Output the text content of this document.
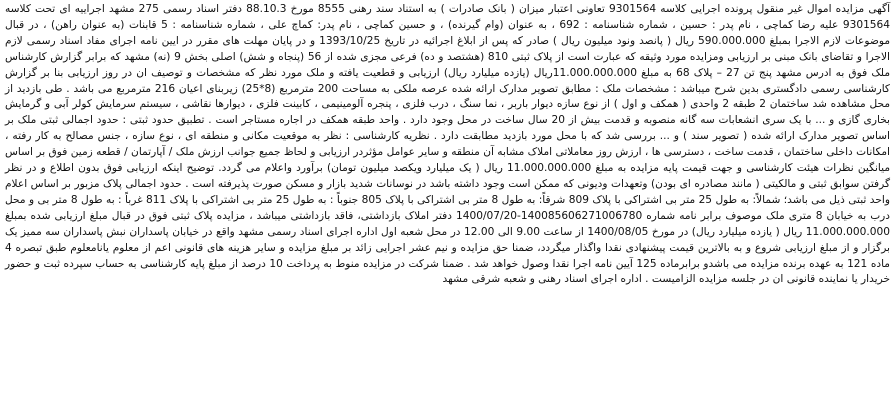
آگهی مزایده اموال غیر منقول پرونده اجرایی کلاسه 9301564 تعاونی اعتبار میزان ( بانک صادرات ) به استناد سند رهنی 8555 مورخ 88.10.3 دفتر اسناد رسمی 275 مشهد اجرایيه ای تحت کلاسه 9301564 علیه رضا کماچی ، نام پدر : حسین ، شماره شناسنامه : 692 ، به عنوان (وام گیرنده) ، و حسین کماچی ، نام پدر: کماچ علی ، شماره شناسنامه : 5 قابنات (به عنوان راهن) ، در قبال موضوعات لازم الاجرا بمبلغ 590.000.000 ریال ( پانصد ونود میلیون ریال ) صادر که پس از ابلاغ اجرائیه در تاریخ 1393/10/25 و در پایان مهلت های مقرر در ایین نامه اجرای مفاد اسناد رسمی لازم الاجرا و تقاضای بانک مبنی بر ارزیابی ومزایده مورد وثیقه که عبارت است از پلاک ثبتی 810 (هشتصد و ده) فرعی مجزی شده از 56 (پنجاه و شش) اصلی بخش 9 (نه) مشهد که برابر گزارش کارشناس ملک فوق به ادرس مشهد پنج تن 27 – پلاک 68 به مبلغ 11.000.000.000ریال (یازده میلیارد ریال) ارزیابی و قطعیت یافته و ملک مورد نظر که مشخصات و توصیف ان در روز ارزیابی بنا بر گزارش کارشناسی رسمی دادگستری بدین شرح میباشد : مشخصات ملک : مطابق تصویر مدارک ارائه شده عرصه ملکی به مساحت 200 مترمربع (8*25) زیربنای اعیان 216 مترمربع می باشد . طی بازدید از محل مشاهده شد ساختمان 2 طبقه 2 واحدی ( همکف و اول ) از نوع سازه دیوار باربر ، نما سنگ ، درب فلزی ، پنجره آلومینیمی ، کابینت فلزی ، دیوارها نقاشی ، سیستم سرمایش کولر آبی و گرمایش بخاری گازی و ... با یک سری انشعابات سه گانه منصوبه و قدمت بیش از 20 سال ساخت در محل وجود دارد . واحد طبقه همکف در اجاره مستاجر است . تطبیق حدود ثبتی : حدود اجمالی ثبتی ملک بر اساس تصویر مدارک ارائه شده ( تصویر سند ) و ... بررسی شد که با محل مورد بازدید مطابقت دارد . نظریه کارشناسی : نظر به موقعیت مکانی و منطقه ای ، نوع سازه ، جنس مصالح به کار رفته ، امکانات داخلی ساختمان ، قدمت ساخت ، دسترسی ها ، ارزش روز معاملاتی املاک مشابه آن منطقه و سایر عوامل مؤثردر ارزیابی و لحاظ جمیع جوانب ارزش ملک / آپارتمان / قطعه زمین فوق بر اساس میانگین نظرات هیئت کارشناسی و جهت قیمت پایه مزایده به مبلغ 11.000.000.000 ریال ( یک میلیارد ویکصد میلیون تومان) برآورد واعلام می گردد. توضیح اینکه ارزیابی فوق بدون اطلاع و در نظر گرفتن سوابق ثبتی و مالکیتی ( مانند مصادره ای بودن) وتعهدات ودیونی که ممکن است وجود داشته باشد در نوسانات شدید بازار و مسکن صورت پذیرفته است . حدود اجمالی پلاک مزبور بر اساس اعلام واحد ثبتی ذیل می باشد؛ شمالاً: به طول 25 متر بی اشتراکی با پلاک 809 شرقاً: به طول 8 متر بی اشتراکی با پلاک 805 جنوباً : به طول 25 متر بی اشتراکی با پلاک 811 غرباً : به طول 8 متر بی و محل درب به خیابان 8 متری ملک موصوف برابر نامه شماره 140085606271006780-1400/07/20 دفتر املاک بازداشتی، فاقد بازداشتی میباشد ، مزایده پلاک ثبتی فوق در قبال مبلغ ارزیابی شده بمبلغ 11.000.000.000 ریال ( یازده میلیارد ریال) در مورخ 1400/08/05 از ساعت 9.00 الی 12.00 در محل شعبه اول اداره اجرای اسناد رسمی مشهد واقع در خیابان پاسداران نبش پاسداران سه ممیز یک برگزار و از مبلغ ارزیابی شروع و به بالاترین قیمت پیشنهادی نقدا واگذار میگردد، ضمنا حق مزایده و نیم عشر اجرایی زائد بر مبلغ مزایده و سایر هزینه های قانونی اعم از معلوم یانامعلوم طبق تبصره 4 ماده 121 به عهده برنده مزایده می باشدو برابرماده 125 آیین نامه اجرا نقدا وصول خواهد شد . ضمنا شرکت در مزایده منوط به پرداخت 10 درصد از مبلغ پایه کارشناسی به حساب سپرده ثبت و حضور خریدار یا نماینده قانونی ان در جلسه مزایده الزامیست . اداره اجرای اسناد رهنی و شعبه شرقی مشهد
